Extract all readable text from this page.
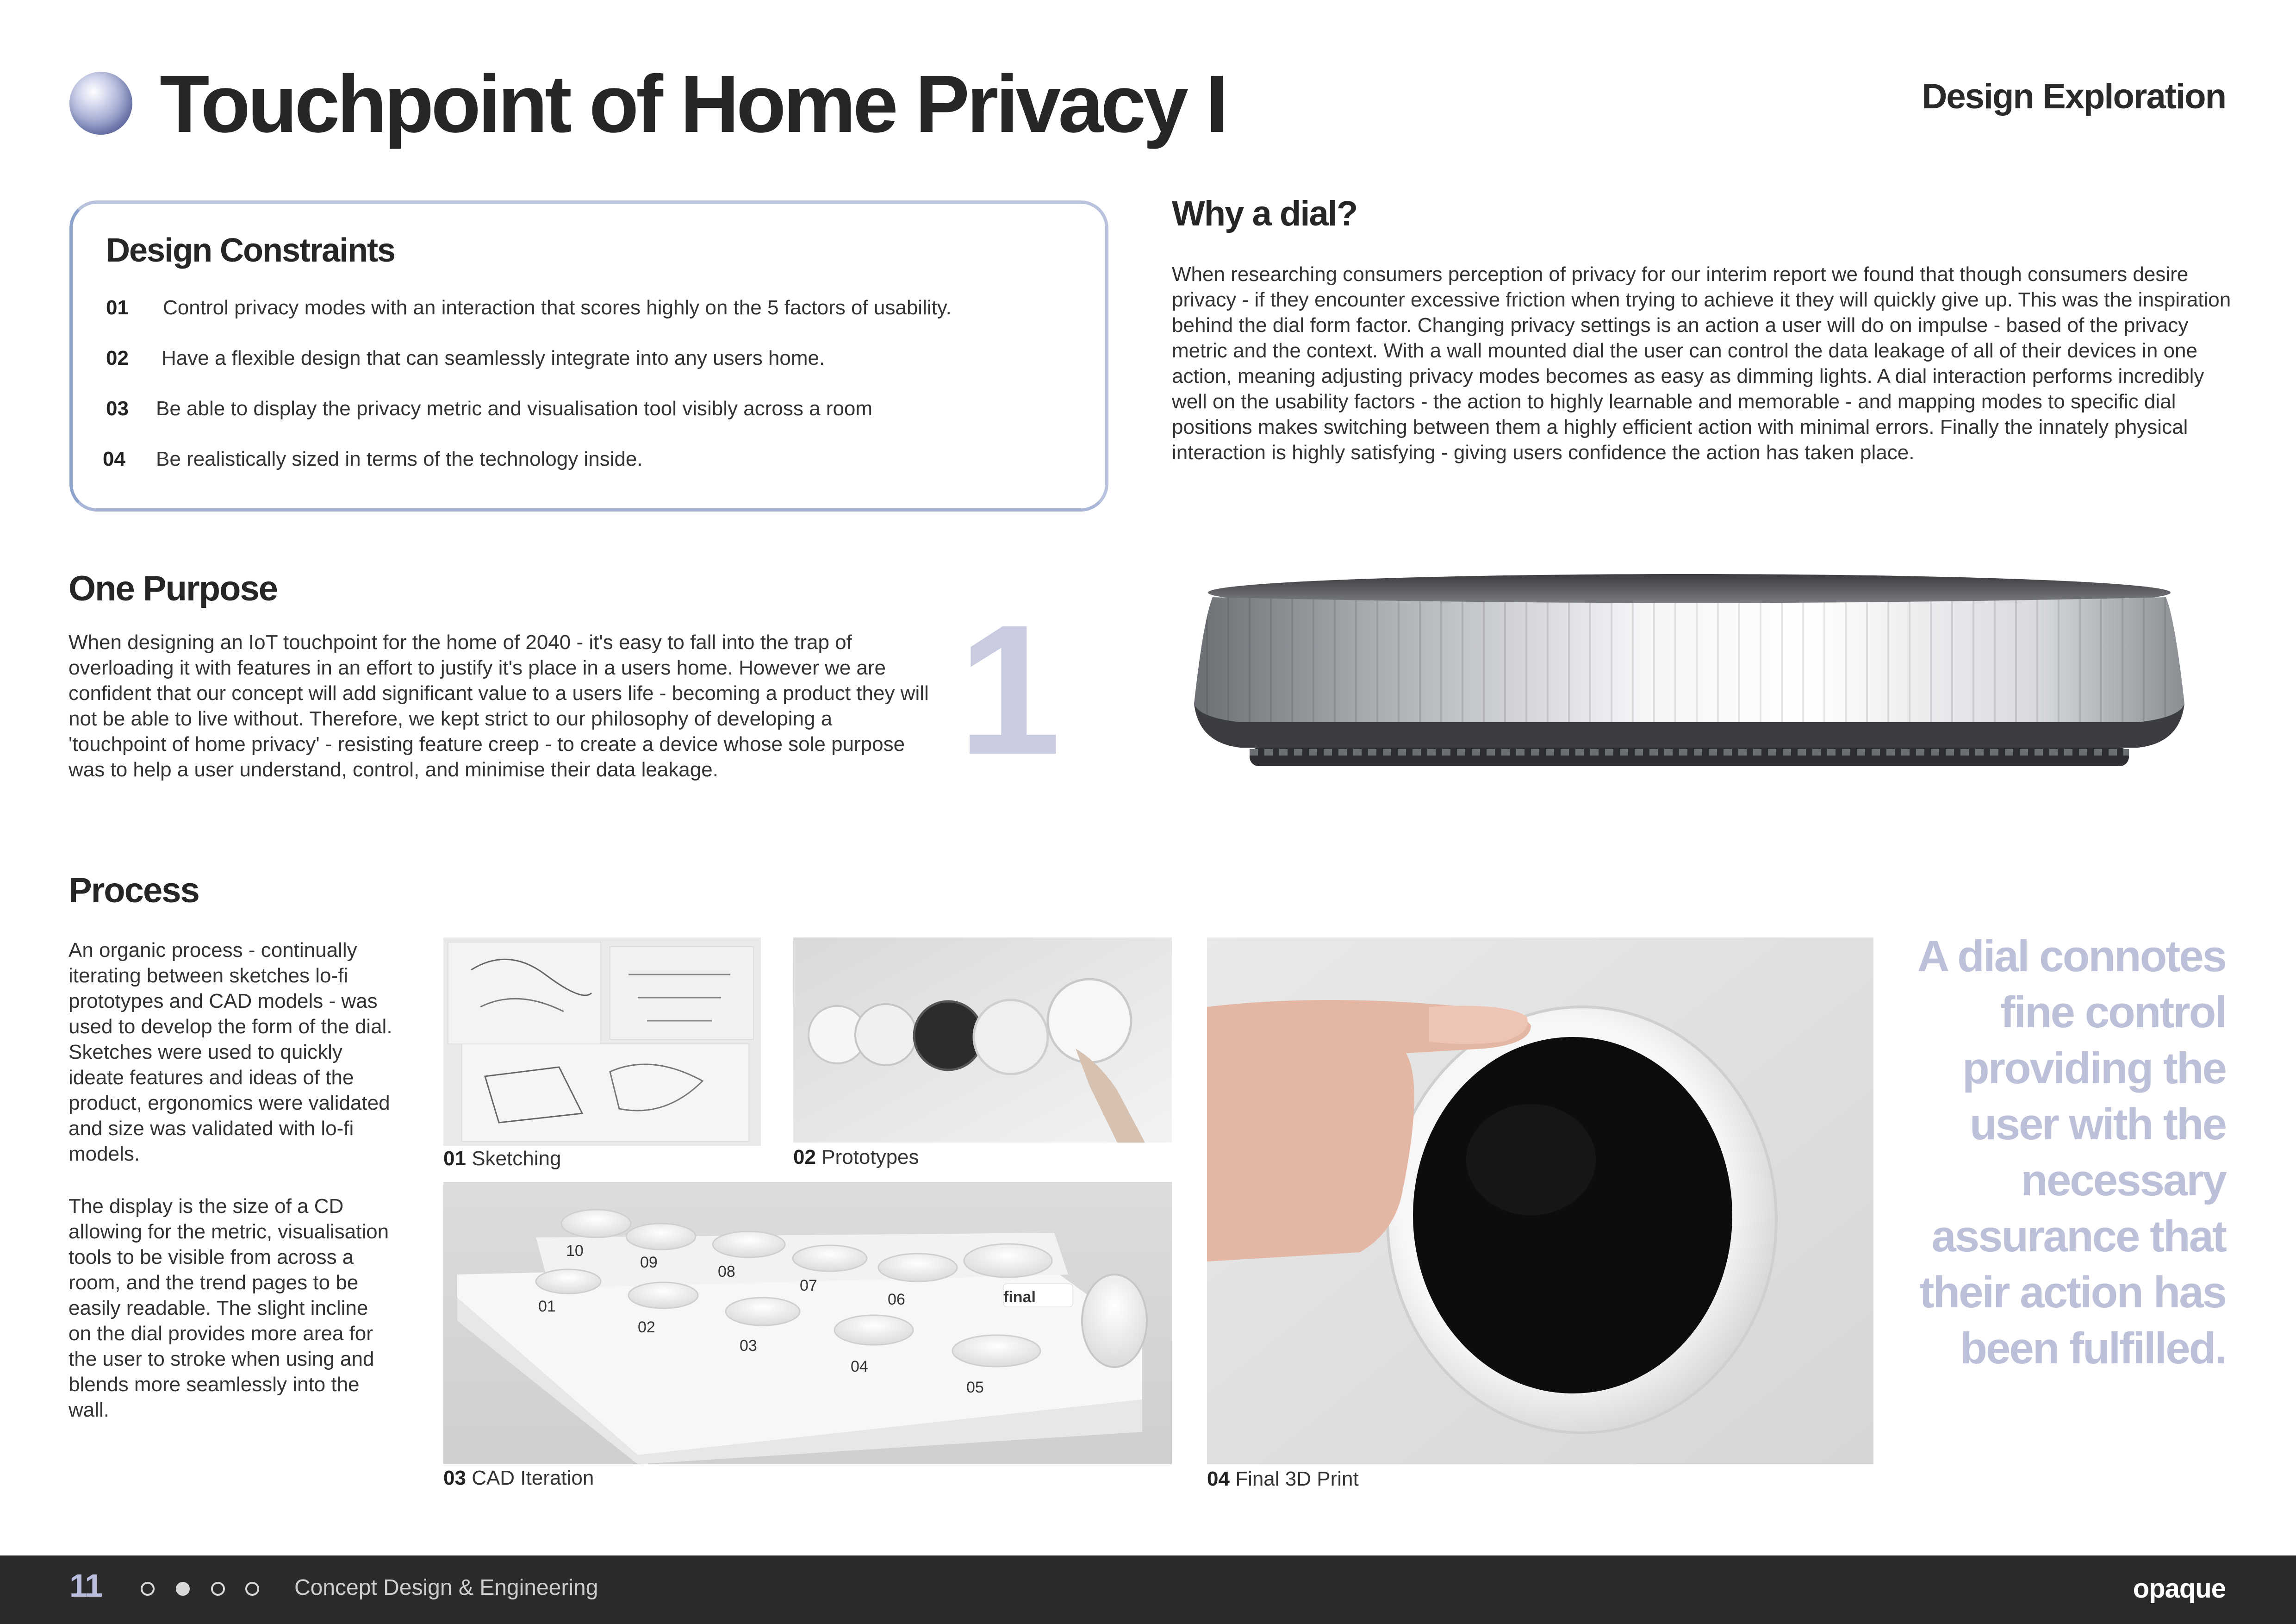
Touchpoint of Home Privacy I	Design Exploration
Design Constraints
01 Control privacy modes with an interaction that scores highly on the 5 factors of usability.
02 Have a flexible design that can seamlessly integrate into any users home.
03 Be able to display the privacy metric and visualisation tool visibly across a room
04 Be realistically sized in terms of the technology inside.
Why a dial?

When researching consumers perception of privacy for our interim report we found that though consumers desire privacy - if they encounter excessive friction when trying to achieve it they will quickly give up. This was the inspiration behind the dial form factor. Changing privacy settings is an action a user will do on impulse - based of the privacy metric and the context. With a wall mounted dial the user can control the data leakage of all of their devices in one action, meaning adjusting privacy modes becomes as easy as dimming lights. A dial interaction performs incredibly well on the usability factors - the action to highly learnable and memorable - and mapping modes to specific dial positions makes switching between them a highly efficient action with minimal errors. Finally the innately physical interaction is highly satisfying - giving users confidence the action has taken place.

One Purpose

When designing an IoT touchpoint for the home of 2040 - it's easy to fall into the trap of overloading it with features in an effort to justify it's place in a users home. However we are confident that our concept will add significant value to a users life - becoming a product they will not be able to live without. Therefore, we kept strict to our philosophy of developing a 'touchpoint of home privacy' - resisting feature creep - to create a device whose sole purpose was to help a user understand, control, and minimise their data leakage.	1
Process

An organic process - continually iterating between sketches lo-fi prototypes and CAD models - was used to develop the form of the dial. Sketches were used to quickly ideate features and ideas of the product, ergonomics were validated and size was validated with lo-fi models.

The display is the size of a CD allowing for the metric, visualisation tools to be visible from across a room, and the trend pages to be easily readable. The slight incline on the dial provides more area for the user to stroke when using and blends more seamlessly into the wall.

01 Sketching	02 Prototypes
10
09
08
07
06	final
01
02
03
04
05
03 CAD Iteration	04 Final 3D Print
A dial connotes fine control providing the user with the necessary assurance that their action has been fulfilled.
11	Concept Design & Engineering	opaque
